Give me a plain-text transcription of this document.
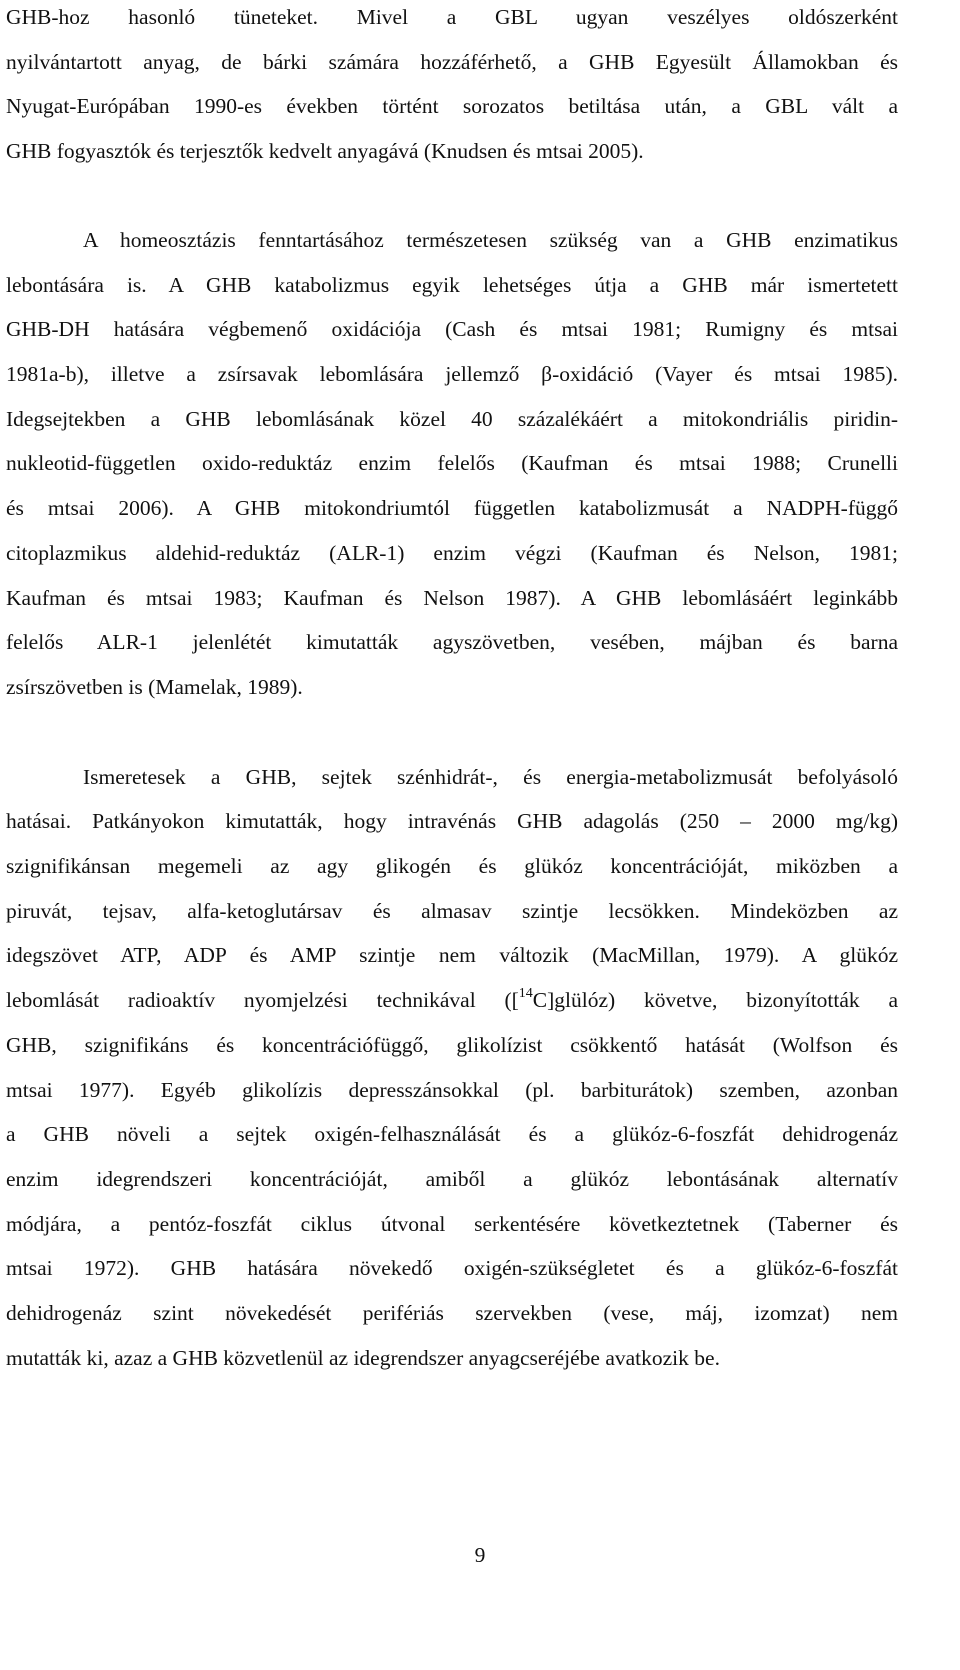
GHB-hoz hasonló tüneteket. Mivel a GBL ugyan veszélyes oldószerként
nyilvántartott anyag, de bárki számára hozzáférhető, a GHB Egyesült Államokban és
Nyugat-Európában 1990-es években történt sorozatos betiltása után, a GBL vált a
GHB fogyasztók és terjesztők kedvelt anyagává (Knudsen és mtsai 2005).
A homeosztázis fenntartásához természetesen szükség van a GHB enzimatikus
lebontására is. A GHB katabolizmus egyik lehetséges útja a GHB már ismertetett
GHB-DH hatására végbemenő oxidációja (Cash és mtsai 1981; Rumigny és mtsai
1981a-b), illetve a zsírsavak lebomlására jellemző β-oxidáció (Vayer és mtsai 1985).
Idegsejtekben a GHB lebomlásának közel 40 százalékáért a mitokondriális piridin-
nukleotid-független oxido-reduktáz enzim felelős (Kaufman és mtsai 1988; Crunelli
és mtsai 2006). A GHB mitokondriumtól független katabolizmusát a NADPH-függő
citoplazmikus aldehid-reduktáz (ALR-1) enzim végzi (Kaufman és Nelson, 1981;
Kaufman és mtsai 1983; Kaufman és Nelson 1987). A GHB lebomlásáért leginkább
felelős ALR-1 jelenlétét kimutatták agyszövetben, vesében, májban és barna
zsírszövetben is (Mamelak, 1989).
Ismeretesek a GHB, sejtek szénhidrát-, és energia-metabolizmusát befolyásoló
hatásai. Patkányokon kimutatták, hogy intravénás GHB adagolás (250 – 2000 mg/kg)
szignifikánsan megemeli az agy glikogén és glükóz koncentrációját, miközben a
piruvát, tejsav, alfa-ketoglutársav és almasav szintje lecsökken. Mindeközben az
idegszövet ATP, ADP és AMP szintje nem változik (MacMillan, 1979). A glükóz
lebomlását radioaktív nyomjelzési technikával ([$^{14}$C]glülóz) követve, bizonyították a
GHB, szignifikáns és koncentrációfüggő, glikolízist csökkentő hatását (Wolfson és
mtsai 1977). Egyéb glikolízis depresszánsokkal (pl. barbiturátok) szemben, azonban
a GHB növeli a sejtek oxigén-felhasználását és a glükóz-6-foszfát dehidrogenáz
enzim idegrendszeri koncentrációját, amiből a glükóz lebontásának alternatív
módjára, a pentóz-foszfát ciklus útvonal serkentésére következtetnek (Taberner és
mtsai 1972). GHB hatására növekedő oxigén-szükségletet és a glükóz-6-foszfát
dehidrogenáz szint növekedését perifériás szervekben (vese, máj, izomzat) nem
mutatták ki, azaz a GHB közvetlenül az idegrendszer anyagcseréjébe avatkozik be.
9
